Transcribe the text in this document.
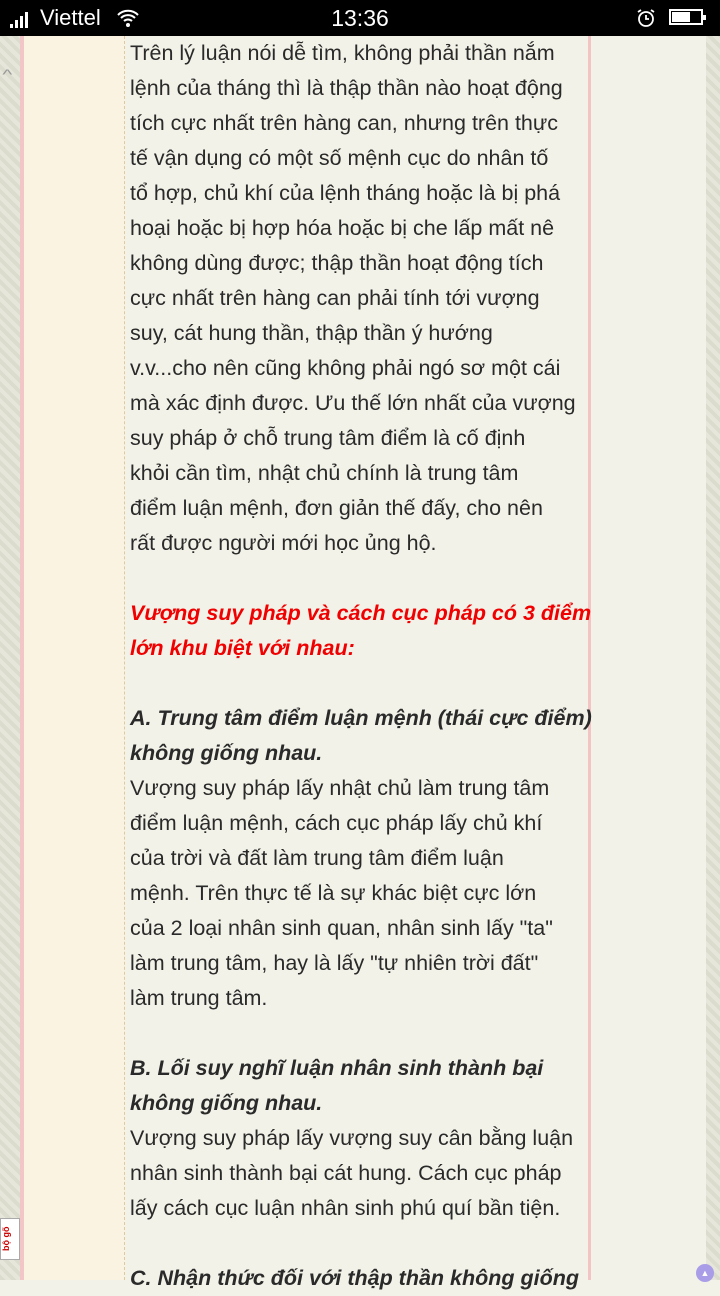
Viettel	13:36
^
Trên lý luận nói dễ tìm, không phải thần nắm
lệnh của tháng thì là thập thần nào hoạt động
tích cực nhất trên hàng can, nhưng trên thực
tế vận dụng có một số mệnh cục do nhân tố
tổ hợp, chủ khí của lệnh tháng hoặc là bị phá
hoại hoặc bị hợp hóa hoặc bị che lấp mất nê
không dùng được; thập thần hoạt động tích
cực nhất trên hàng can phải tính tới vượng
suy, cát hung thần, thập thần ý hướng
v.v...cho nên cũng không phải ngó sơ một cái
mà xác định được. Ưu thế lớn nhất của vượng
suy pháp ở chỗ trung tâm điểm là cố định
khỏi cần tìm, nhật chủ chính là trung tâm
điểm luận mệnh, đơn giản thế đấy, cho nên
rất được người mới học ủng hộ.
Vượng suy pháp và cách cục pháp có 3 điểm
lớn khu biệt với nhau:
A. Trung tâm điểm luận mệnh (thái cực điểm)
không giống nhau.
Vượng suy pháp lấy nhật chủ làm trung tâm
điểm luận mệnh, cách cục pháp lấy chủ khí
của trời và đất làm trung tâm điểm luận
mệnh. Trên thực tế là sự khác biệt cực lớn
của 2 loại nhân sinh quan, nhân sinh lấy "ta"
làm trung tâm, hay là lấy "tự nhiên trời đất"
làm trung tâm.
B. Lối suy nghĩ luận nhân sinh thành bại
không giống nhau.
Vượng suy pháp lấy vượng suy cân bằng luận
nhân sinh thành bại cát hung. Cách cục pháp
lấy cách cục luận nhân sinh phú quí bần tiện.
C. Nhận thức đối với thập thần không giống
bộ gõ
▲
